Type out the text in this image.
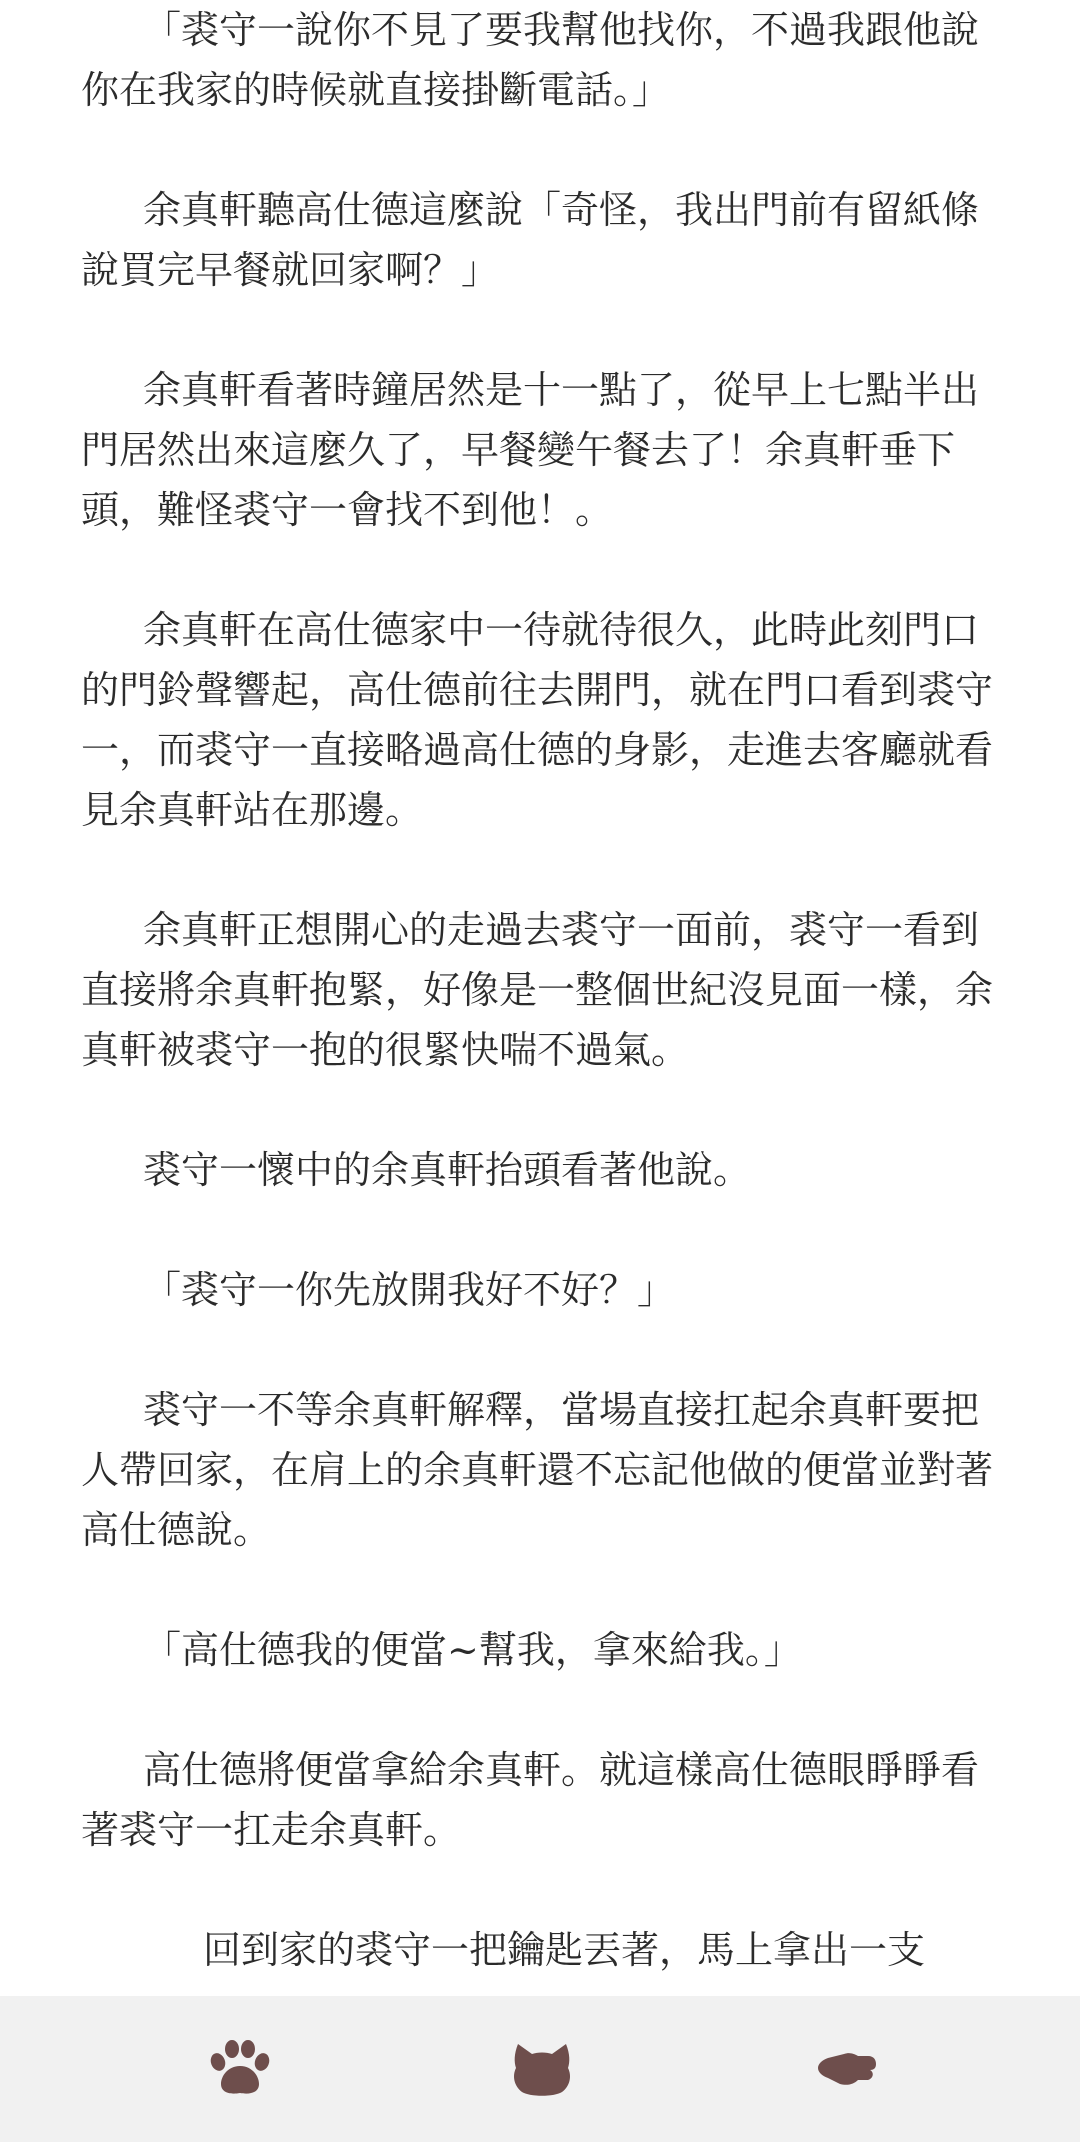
「裘守一說你不見了要我幫他找你，不過我跟他說你在我家的時候就直接掛斷電話。」

余真軒聽高仕德這麼說「奇怪，我出門前有留紙條說買完早餐就回家啊？」

余真軒看著時鐘居然是十一點了，從早上七點半出門居然出來這麼久了，早餐變午餐去了！余真軒垂下頭，難怪裘守一會找不到他！。

余真軒在高仕德家中一待就待很久，此時此刻門口的門鈴聲響起，高仕德前往去開門，就在門口看到裘守一，而裘守一直接略過高仕德的身影，走進去客廳就看見余真軒站在那邊。

余真軒正想開心的走過去裘守一面前，裘守一看到直接將余真軒抱緊，好像是一整個世紀沒見面一樣，余真軒被裘守一抱的很緊快喘不過氣。

裘守一懷中的余真軒抬頭看著他說。

「裘守一你先放開我好不好？」

裘守一不等余真軒解釋，當場直接扛起余真軒要把人帶回家，在肩上的余真軒還不忘記他做的便當並對著高仕德說。

「高仕德我的便當~幫我，拿來給我。」

高仕德將便當拿給余真軒。就這樣高仕德眼睜睜看著裘守一扛走余真軒。

回到家的裘守一把鑰匙丟著，馬上拿出一支
